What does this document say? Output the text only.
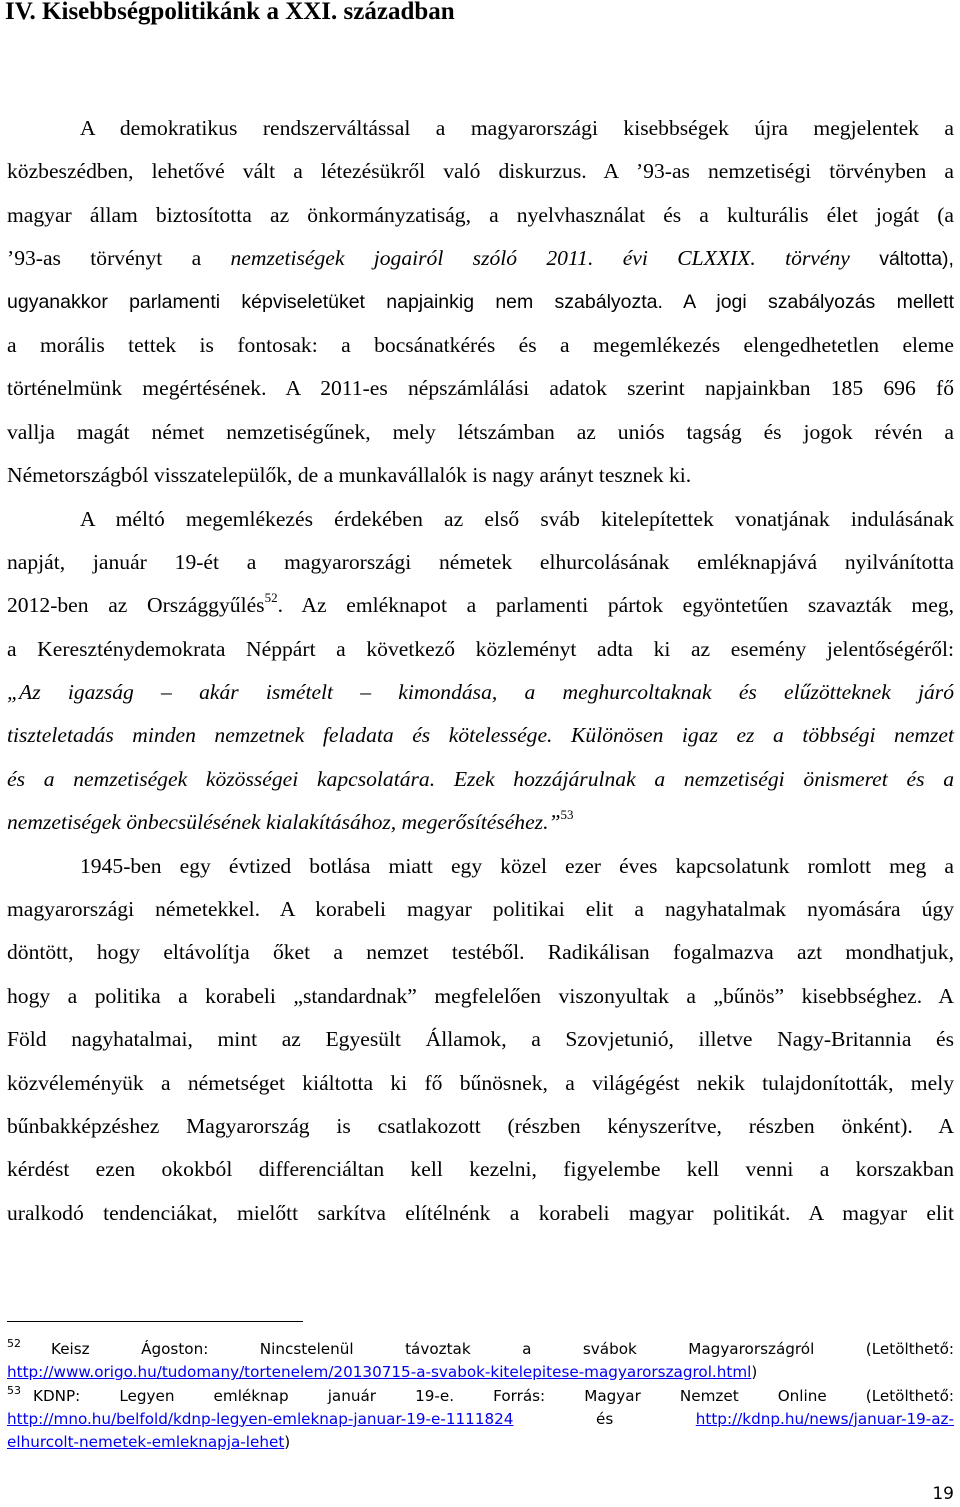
IV. Kisebbségpolitikánk a XXI. században
A demokratikus rendszerváltással a magyarországi kisebbségek újra megjelentek a
közbeszédben, lehetővé vált a létezésükről való diskurzus. A ’93-as nemzetiségi törvényben a
magyar állam biztosította az önkormányzatiság, a nyelvhasználat és a kulturális élet jogát (a
’93-as törvényt a nemzetiségek jogairól szóló 2011. évi CLXXIX. törvény váltotta),
ugyanakkor parlamenti képviseletüket napjainkig nem szabályozta. A jogi szabályozás mellett
a morális tettek is fontosak: a bocsánatkérés és a megemlékezés elengedhetetlen eleme
történelmünk megértésének. A 2011-es népszámlálási adatok szerint napjainkban 185 696 fő
vallja magát német nemzetiségűnek, mely létszámban az uniós tagság és jogok révén a
Németországból visszatelepülők, de a munkavállalók is nagy arányt tesznek ki.
A méltó megemlékezés érdekében az első sváb kitelepítettek vonatjának indulásának
napját, január 19-ét a magyarországi németek elhurcolásának emléknapjává nyilvánította
2012-ben az Országgyűlés$^{52}$. Az emléknapot a parlamenti pártok egyöntetűen szavazták meg,
a Kereszténydemokrata Néppárt a következő közleményt adta ki az esemény jelentőségéről:
„Az igazság – akár ismételt – kimondása, a meghurcoltaknak és elűzötteknek járó
tiszteletadás minden nemzetnek feladata és kötelessége. Különösen igaz ez a többségi nemzet
és a nemzetiségek közösségei kapcsolatára. Ezek hozzájárulnak a nemzetiségi önismeret és a
nemzetiségek önbecsülésének kialakításához, megerősítéséhez.”$^{53}$
1945-ben egy évtized botlása miatt egy közel ezer éves kapcsolatunk romlott meg a
magyarországi németekkel. A korabeli magyar politikai elit a nagyhatalmak nyomására úgy
döntött, hogy eltávolítja őket a nemzet testéből. Radikálisan fogalmazva azt mondhatjuk,
hogy a politika a korabeli „standardnak” megfelelően viszonyultak a „bűnös” kisebbséghez. A
Föld nagyhatalmai, mint az Egyesült Államok, a Szovjetunió, illetve Nagy-Britannia és
közvéleményük a németséget kiáltotta ki fő bűnösnek, a világégést nekik tulajdonították, mely
bűnbakképzéshez Magyarország is csatlakozott (részben kényszerítve, részben önként). A
kérdést ezen okokból differenciáltan kell kezelni, figyelembe kell venni a korszakban
uralkodó tendenciákat, mielőtt sarkítva elítélnénk a korabeli magyar politikát. A magyar elit
$^{52}$ Keisz Ágoston: Nincstelenül távoztak a svábok Magyarországról (Letölthető:
http://www.origo.hu/tudomany/tortenelem/20130715-a-svabok-kitelepitese-magyarorszagrol.html)
$^{53}$ KDNP: Legyen emléknap január 19-e. Forrás: Magyar Nemzet Online (Letölthető:
http://mno.hu/belfold/kdnp-legyen-emleknap-januar-19-e-1111824	és	http://kdnp.hu/news/januar-19-az-
elhurcolt-nemetek-emleknapja-lehet)
19
